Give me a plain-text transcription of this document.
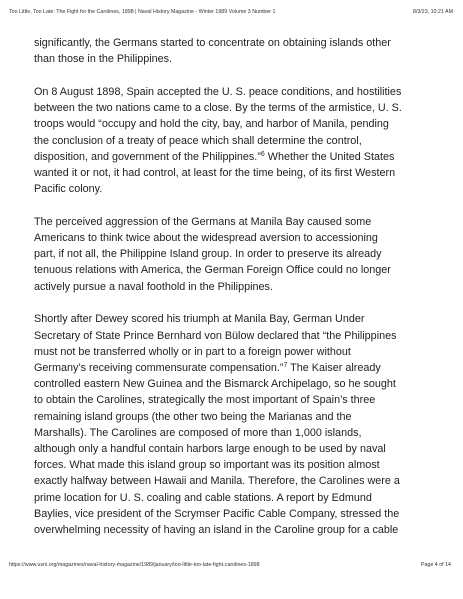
Too Little, Too Late: The Fight for the Carolines, 1898 | Naval History Magazine - Winter 1989 Volume 3 Number 1	8/3/23, 10:21 AM

significantly, the Germans started to concentrate on obtaining islands other
than those in the Philippines.

On 8 August 1898, Spain accepted the U. S. peace conditions, and hostilities
between the two nations came to a close. By the terms of the armistice, U. S.
troops would “occupy and hold the city, bay, and harbor of Manila, pending
the conclusion of a treaty of peace which shall determine the control,
disposition, and government of the Philippines.”$^6$ Whether the United States
wanted it or not, it had control, at least for the time being, of its first Western
Pacific colony.

The perceived aggression of the Germans at Manila Bay caused some
Americans to think twice about the widespread aversion to accessioning
part, if not all, the Philippine Island group. In order to preserve its already
tenuous relations with America, the German Foreign Office could no longer
actively pursue a naval foothold in the Philippines.

Shortly after Dewey scored his triumph at Manila Bay, German Under
Secretary of State Prince Bernhard von Bülow declared that “the Philippines
must not be transferred wholly or in part to a foreign power without
Germany’s receiving commensurate compensation.”$^7$ The Kaiser already
controlled eastern New Guinea and the Bismarck Archipelago, so he sought
to obtain the Carolines, strategically the most important of Spain’s three
remaining island groups (the other two being the Marianas and the
Marshalls). The Carolines are composed of more than 1,000 islands,
although only a handful contain harbors large enough to be used by naval
forces. What made this island group so important was its position almost
exactly halfway between Hawaii and Manila. Therefore, the Carolines were a
prime location for U. S. coaling and cable stations. A report by Edmund
Baylies, vice president of the Scrymser Pacific Cable Company, stressed the
overwhelming necessity of having an island in the Caroline group for a cable

https://www.usni.org/magazines/naval-history-magazine/1989/january/too-little-too-late-fight-carolines-1898	Page 4 of 14
